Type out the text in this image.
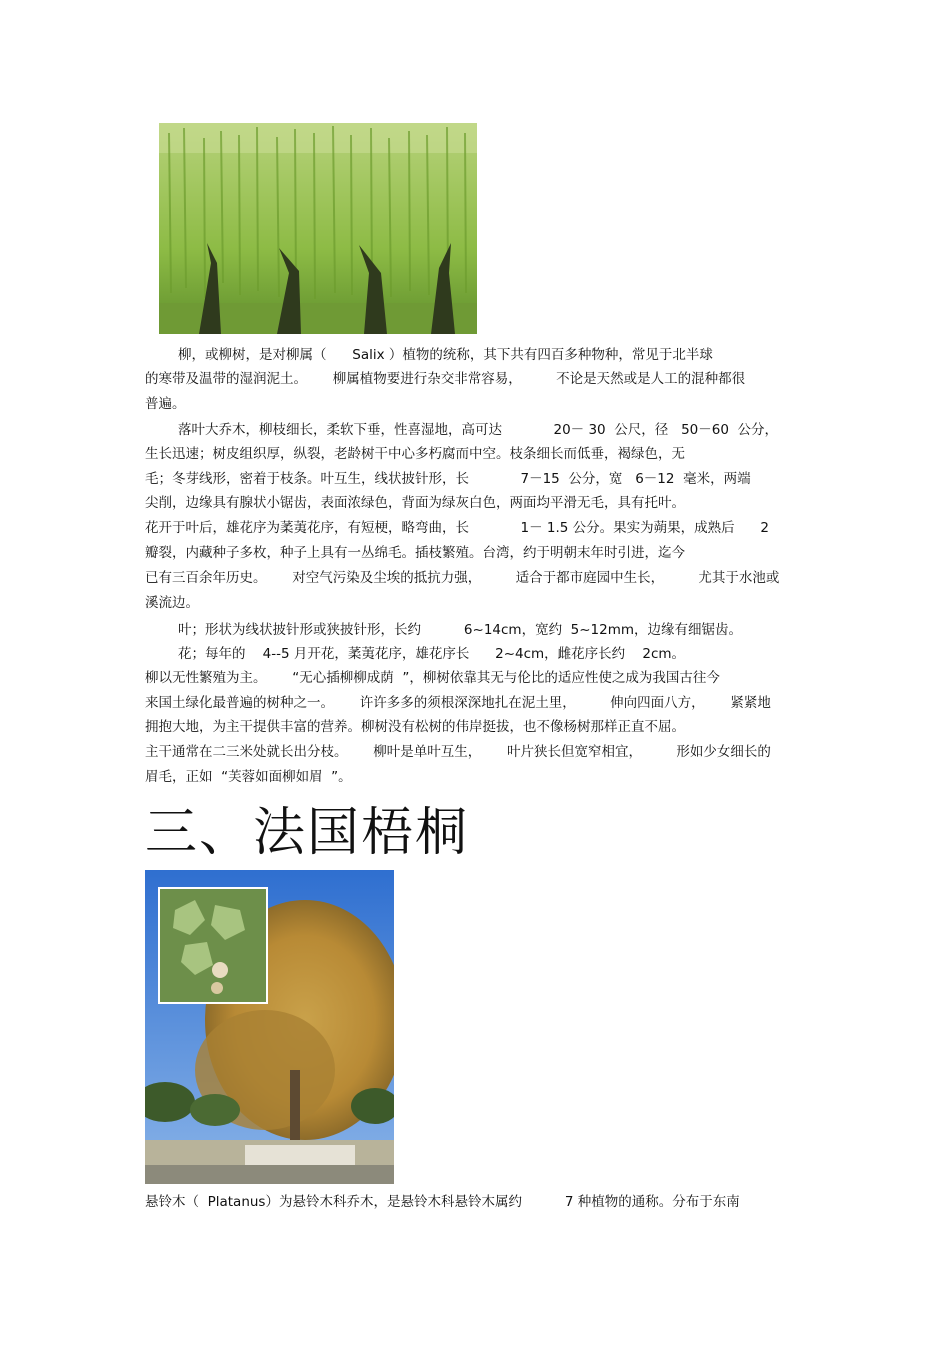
柳，或柳树，是对柳属（      Salix ）植物的统称，其下共有四百多种物种，常见于北半球
的寒带及温带的湿润泥土。      柳属植物要进行杂交非常容易，        不论是天然或是人工的混种都很
普遍。
落叶大乔木，柳枝细长，柔软下垂，性喜湿地，高可达            20－ 30  公尺，径   50－60  公分，
生长迅速；树皮组织厚，纵裂，老龄树干中心多朽腐而中空。枝条细长而低垂，褐绿色，无
毛；冬芽线形，密着于枝条。叶互生，线状披针形，长            7－15  公分，宽   6－12  毫米，两端
尖削，边缘具有腺状小锯齿，表面浓绿色，背面为绿灰白色，两面均平滑无毛，具有托叶。
花开于叶后，雄花序为葇荑花序，有短梗，略弯曲，长            1－ 1.5 公分。果实为蒴果，成熟后      2
瓣裂，内藏种子多枚，种子上具有一丛绵毛。插枝繁殖。台湾，约于明朝末年时引进，迄今
已有三百余年历史。      对空气污染及尘埃的抵抗力强，        适合于都市庭园中生长，        尤其于水池或
溪流边。
叶；形状为线状披针形或狭披针形，长约          6~14cm，宽约  5~12mm，边缘有细锯齿。
花；每年的    4--5 月开花，葇荑花序，雄花序长      2~4cm，雌花序长约    2cm。
柳以无性繁殖为主。      “无心插柳柳成荫  ”，柳树依靠其无与伦比的适应性使之成为我国古往今
来国土绿化最普遍的树种之一。      许许多多的须根深深地扎在泥土里，        伸向四面八方，      紧紧地
拥抱大地，为主干提供丰富的营养。柳树没有松树的伟岸挺拔，也不像杨树那样正直不屈。
主干通常在二三米处就长出分枝。      柳叶是单叶互生，      叶片狭长但宽窄相宜，        形如少女细长的
眉毛，正如  “芙蓉如面柳如眉  ”。
三、法国梧桐
悬铃木（  Platanus）为悬铃木科乔木，是悬铃木科悬铃木属约          7 种植物的通称。分布于东南
